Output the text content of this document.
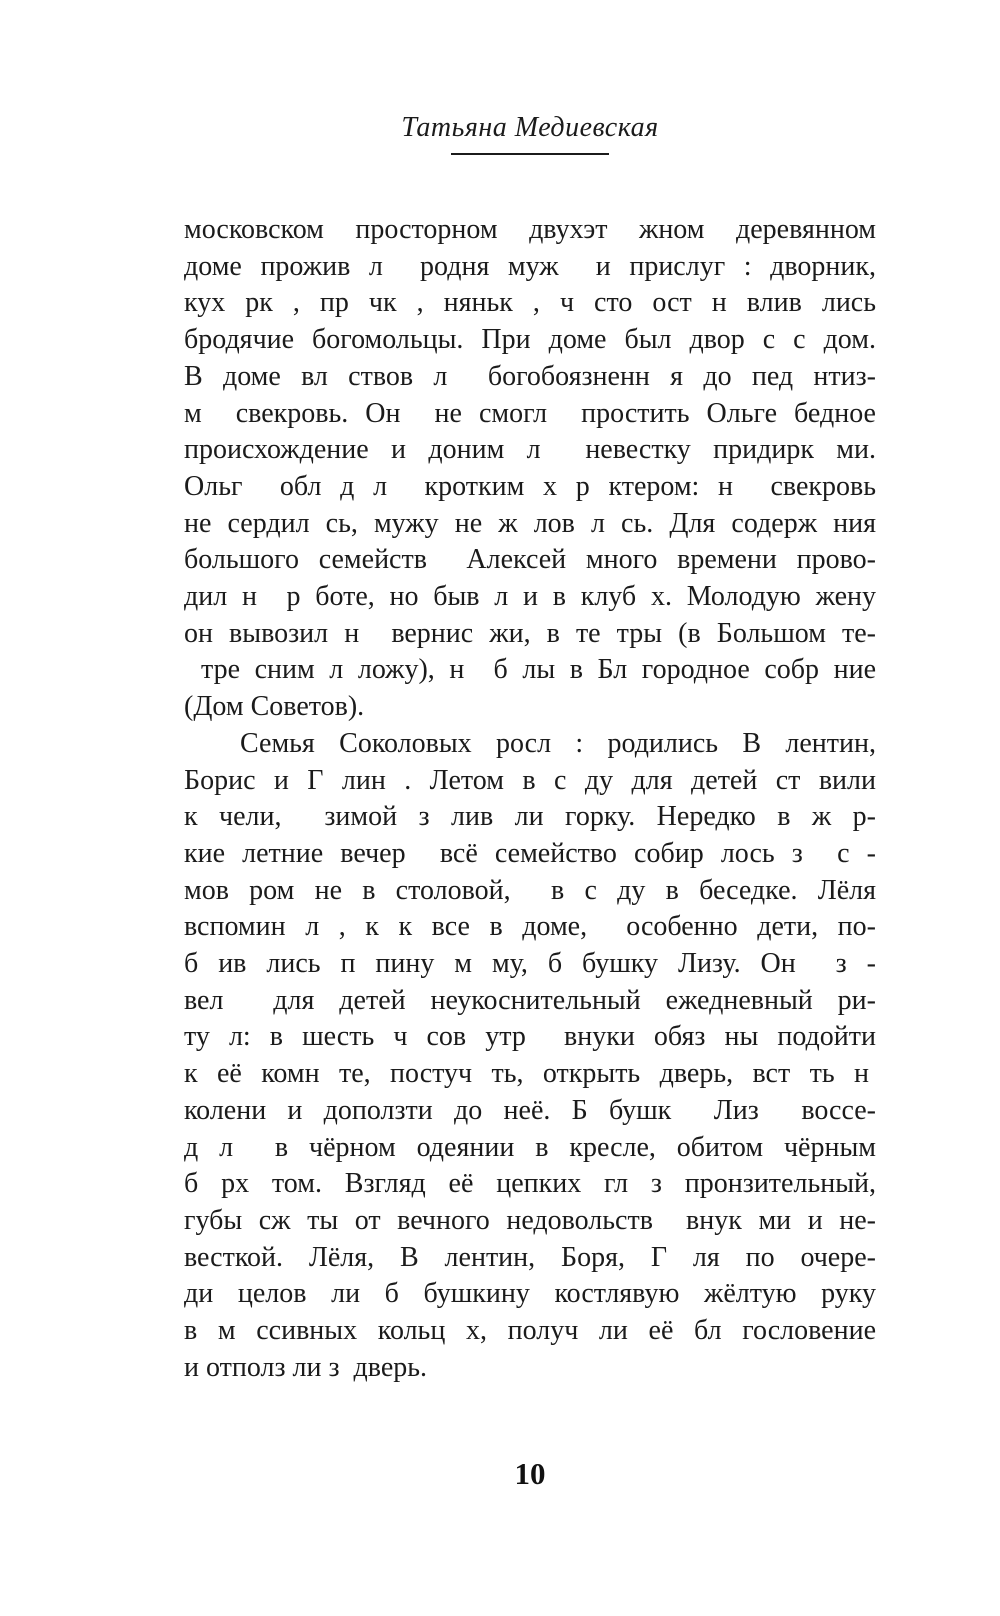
Татьяна Медиевская
московском просторном двухэт жном деревянном
доме прожив л  родня муж  и прислуг : дворник,
кух рк , пр чк , няньк , ч сто ост н влив лись
бродячие богомольцы. При доме был двор с с дом.
В доме вл ствов л  богобоязненн я до пед нтиз-
м  свекровь. Он  не смогл  простить Ольге бедное
происхождение и доним л  невестку придирк ми.
Ольг  обл д л  кротким х р ктером: н  свекровь
не сердил сь, мужу не ж лов л сь. Для содерж ния
большого семейств  Алексей много времени прово-
дил н  р боте, но быв л и в клуб х. Молодую жену
он вывозил н  вернис жи, в те тры (в Большом те-
тре сним л ложу), н  б лы в Бл городное собр ние
(Дом Советов).
Семья Соколовых росл : родились В лентин,
Борис и Г лин . Летом в с ду для детей ст вили
к чели,  зимой з лив ли горку. Нередко в ж р-
кие летние вечер  всё семейство собир лось з  с -
мов ром не в столовой,  в с ду в беседке. Лёля
вспомин л , к к все в доме,  особенно дети, по-
б ив лись п пину м му, б бушку Лизу. Он  з -
вел  для детей неукоснительный ежедневный ри-
ту л: в шесть ч сов утр  внуки обяз ны подойти
к её комн те, постуч ть, открыть дверь, вст ть н
колени и доползти до неё. Б бушк  Лиз  воссе-
д л  в чёрном одеянии в кресле, обитом чёрным
б рх том. Взгляд её цепких гл з пронзительный,
губы сж ты от вечного недовольств  внук ми и не-
весткой. Лёля, В лентин, Боря, Г ля по очере-
ди целов ли б бушкину костлявую жёлтую руку
в м ссивных кольц х, получ ли её бл гословение
и отполз ли з  дверь.
10
